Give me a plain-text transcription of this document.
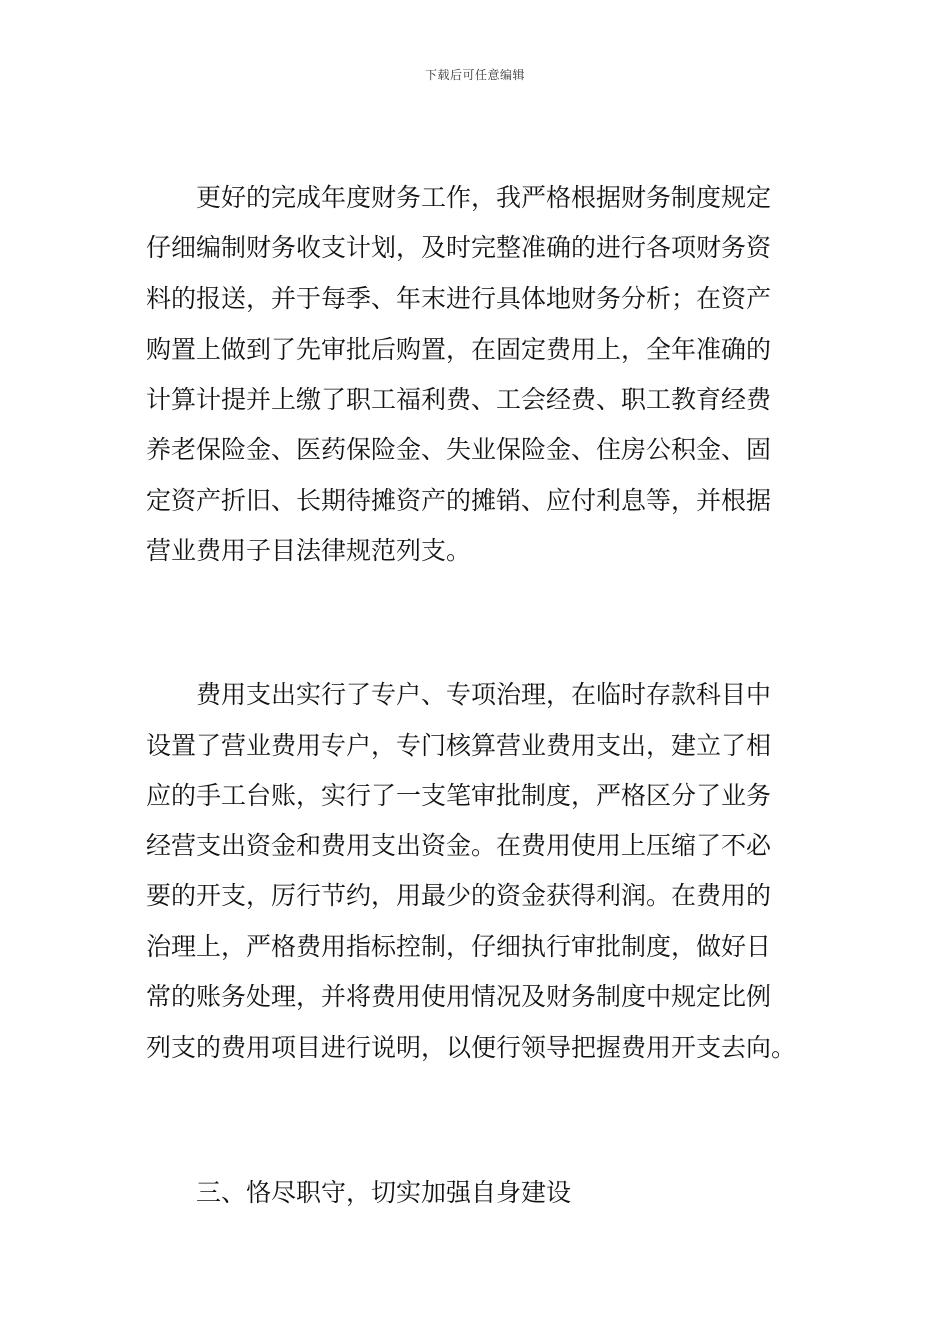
下载后可任意编辑
更好的完成年度财务工作，我严格根据财务制度规定
仔细编制财务收支计划，及时完整准确的进行各项财务资
料的报送，并于每季、年末进行具体地财务分析；在资产
购置上做到了先审批后购置，在固定费用上，全年准确的
计算计提并上缴了职工福利费、工会经费、职工教育经费
养老保险金、医药保险金、失业保险金、住房公积金、固
定资产折旧、长期待摊资产的摊销、应付利息等，并根据
营业费用子目法律规范列支。
费用支出实行了专户、专项治理，在临时存款科目中
设置了营业费用专户，专门核算营业费用支出，建立了相
应的手工台账，实行了一支笔审批制度，严格区分了业务
经营支出资金和费用支出资金。在费用使用上压缩了不必
要的开支，厉行节约，用最少的资金获得利润。在费用的
治理上，严格费用指标控制，仔细执行审批制度，做好日
常的账务处理，并将费用使用情况及财务制度中规定比例
列支的费用项目进行说明，以便行领导把握费用开支去向。
三、恪尽职守，切实加强自身建设
